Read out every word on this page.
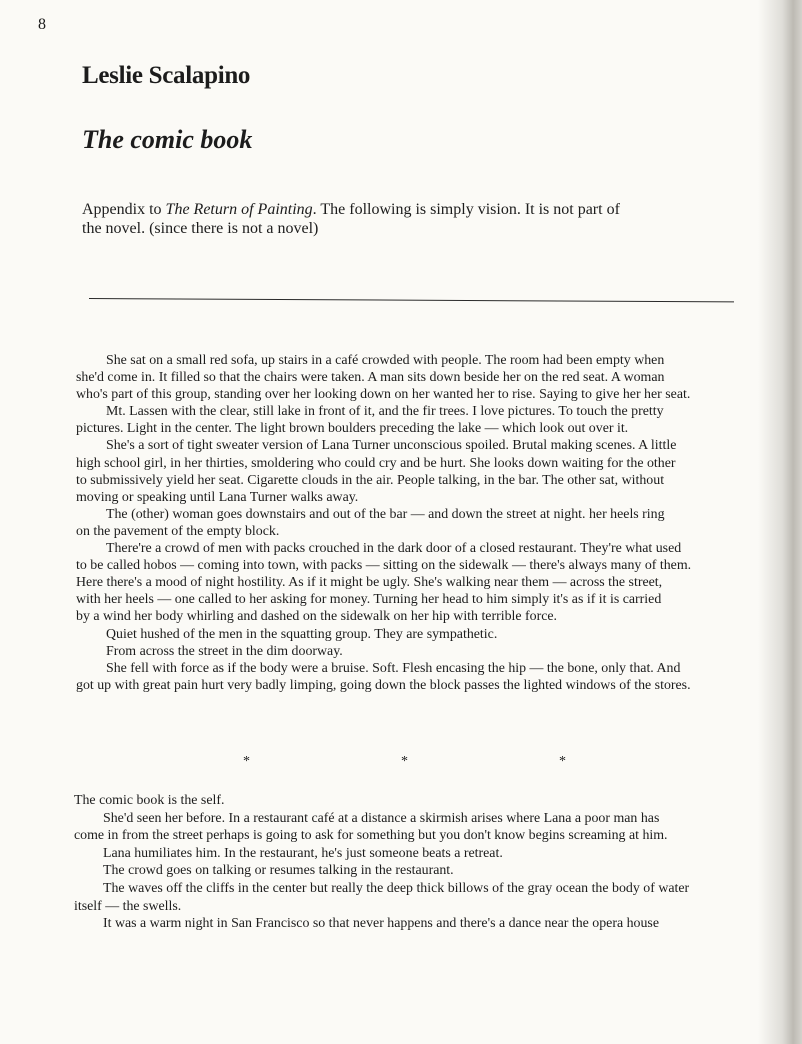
8
Leslie Scalapino
The comic book
Appendix to The Return of Painting. The following is simply vision. It is not part of
the novel. (since there is not a novel)
She sat on a small red sofa, up stairs in a café crowded with people. The room had been empty when
she'd come in. It filled so that the chairs were taken. A man sits down beside her on the red seat. A woman
who's part of this group, standing over her looking down on her wanted her to rise. Saying to give her her seat.
Mt. Lassen with the clear, still lake in front of it, and the fir trees. I love pictures. To touch the pretty
pictures. Light in the center. The light brown boulders preceding the lake — which look out over it.
She's a sort of tight sweater version of Lana Turner unconscious spoiled. Brutal making scenes. A little
high school girl, in her thirties, smoldering who could cry and be hurt. She looks down waiting for the other
to submissively yield her seat. Cigarette clouds in the air. People talking, in the bar. The other sat, without
moving or speaking until Lana Turner walks away.
The (other) woman goes downstairs and out of the bar — and down the street at night. her heels ring
on the pavement of the empty block.
There're a crowd of men with packs crouched in the dark door of a closed restaurant. They're what used
to be called hobos — coming into town, with packs — sitting on the sidewalk — there's always many of them.
Here there's a mood of night hostility. As if it might be ugly. She's walking near them — across the street,
with her heels — one called to her asking for money. Turning her head to him simply it's as if it is carried
by a wind her body whirling and dashed on the sidewalk on her hip with terrible force.
Quiet hushed of the men in the squatting group. They are sympathetic.
From across the street in the dim doorway.
She fell with force as if the body were a bruise. Soft. Flesh encasing the hip — the bone, only that. And
got up with great pain hurt very badly limping, going down the block passes the lighted windows of the stores.
*	*	*
The comic book is the self.
She'd seen her before. In a restaurant café at a distance a skirmish arises where Lana a poor man has
come in from the street perhaps is going to ask for something but you don't know begins screaming at him.
Lana humiliates him. In the restaurant, he's just someone beats a retreat.
The crowd goes on talking or resumes talking in the restaurant.
The waves off the cliffs in the center but really the deep thick billows of the gray ocean the body of water
itself — the swells.
It was a warm night in San Francisco so that never happens and there's a dance near the opera house
